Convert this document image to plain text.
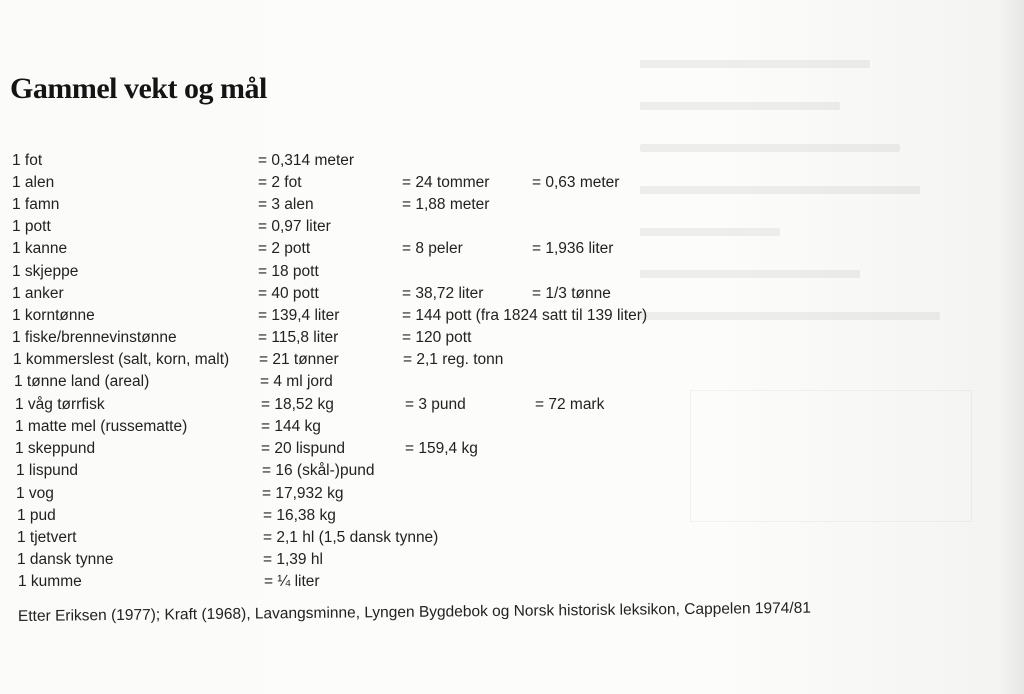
Gammel vekt og mål
1 fot	= 0,314 meter
1 alen	= 2 fot	= 24 tommer	= 0,63 meter
1 famn	= 3 alen	= 1,88 meter
1 pott	= 0,97 liter
1 kanne	= 2 pott	= 8 peler	= 1,936 liter
1 skjeppe	= 18 pott
1 anker	= 40 pott	= 38,72 liter	= 1/3 tønne
1 korntønne	= 139,4 liter	= 144 pott (fra 1824 satt til 139 liter)
1 fiske/brennevinstønne	= 115,8 liter	= 120 pott
1 kommerslest (salt, korn, malt) = 21 tønner	= 2,1 reg. tonn
1 tønne land (areal)	= 4 ml jord
1 våg tørrfisk	= 18,52 kg	= 3 pund	= 72 mark
1 matte mel (russematte)	= 144 kg
1 skeppund	= 20 lispund	= 159,4 kg
1 lispund	= 16 (skål-)pund
1 vog	= 17,932 kg
1 pud	= 16,38 kg
1 tjetvert	= 2,1 hl (1,5 dansk tynne)
1 dansk tynne	= 1,39 hl
1 kumme	= ¼ liter

Etter Eriksen (1977); Kraft (1968), Lavangsminne, Lyngen Bygdebok og Norsk historisk leksikon, Cappelen 1974/81
